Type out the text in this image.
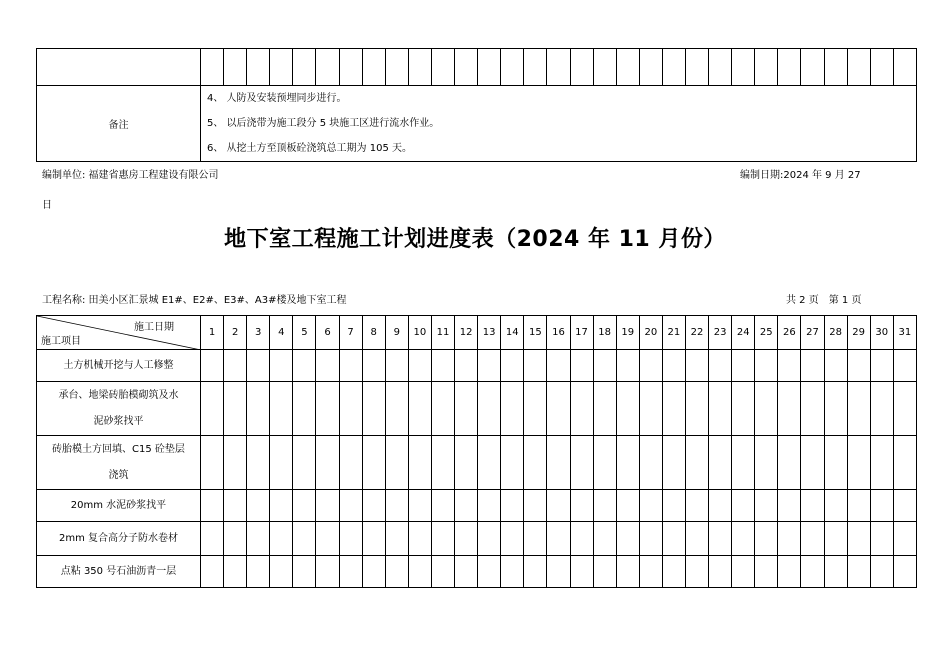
备注	4、 人防及安装预埋同步进行。
5、 以后浇带为施工段分 5 块施工区进行流水作业。
6、 从挖土方至顶板砼浇筑总工期为 105 天。
编制单位: 福建省惠房工程建设有限公司	编制日期:2024 年 9 月 27
日
地下室工程施工计划进度表（2024 年 11 月份）
工程名称: 田美小区汇景城 E1#、E2#、E3#、A3#楼及地下室工程	共 2 页　第 1 页
施工日期
施工项目	1	2	3	4	5	6	7	8	9	10	11	12	13	14	15	16	17	18	19	20	21	22	23	24	25	26	27	28	29	30	31

土方机械开挖与人工修整																															

承台、地梁砖胎模砌筑及水
泥砂浆找平																															

砖胎模土方回填、C15 砼垫层
浇筑																															

20mm 水泥砂浆找平																															

2mm 复合高分子防水卷材																															

点粘 350 号石油沥青一层																															
